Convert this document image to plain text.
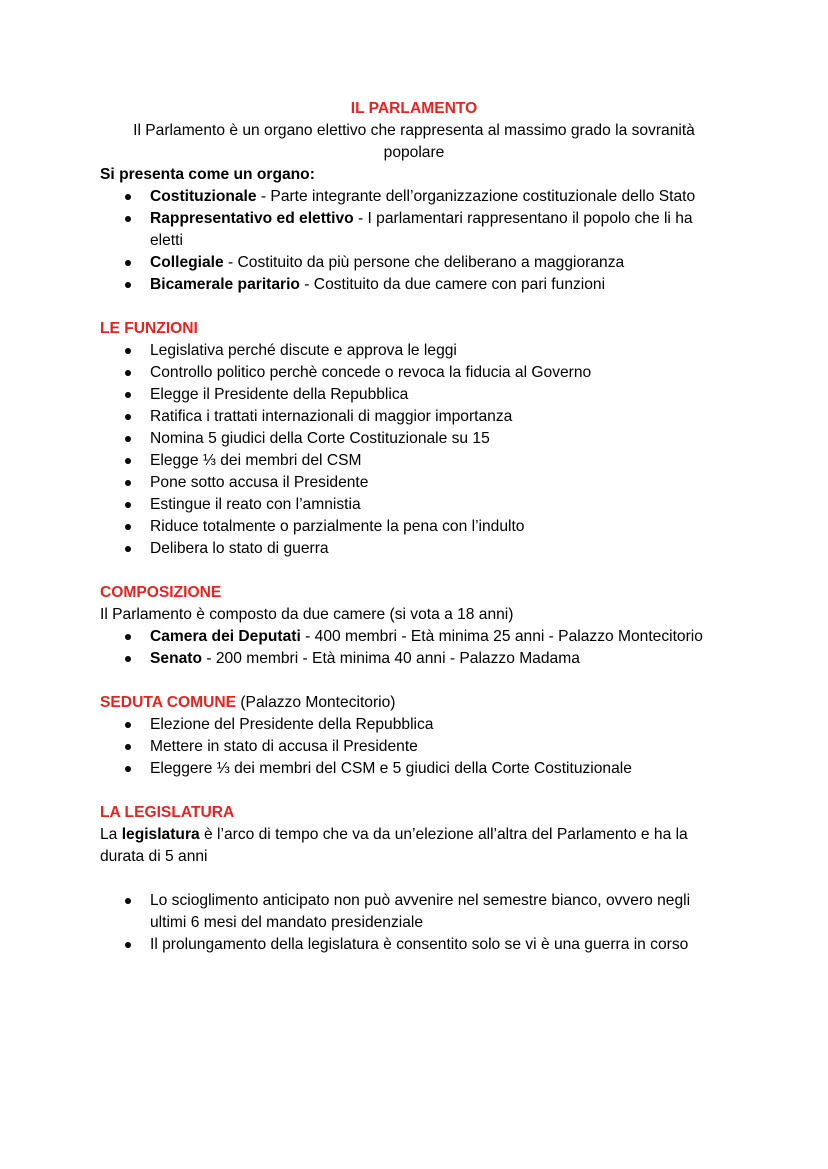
IL PARLAMENTO

Il Parlamento è un organo elettivo che rappresenta al massimo grado la sovranità popolare

Si presenta come un organo:

Costituzionale - Parte integrante dell’organizzazione costituzionale dello Stato
Rappresentativo ed elettivo - I parlamentari rappresentano il popolo che li ha eletti
Collegiale - Costituito da più persone che deliberano a maggioranza
Bicamerale paritario - Costituito da due camere con pari funzioni

LE FUNZIONI

Legislativa perché discute e approva le leggi
Controllo politico perchè concede o revoca la fiducia al Governo
Elegge il Presidente della Repubblica
Ratifica i trattati internazionali di maggior importanza
Nomina 5 giudici della Corte Costituzionale su 15
Elegge ⅓ dei membri del CSM
Pone sotto accusa il Presidente
Estingue il reato con l’amnistia
Riduce totalmente o parzialmente la pena con l’indulto
Delibera lo stato di guerra

COMPOSIZIONE

Il Parlamento è composto da due camere (si vota a 18 anni)

Camera dei Deputati - 400 membri - Età minima 25 anni - Palazzo Montecitorio
Senato - 200 membri - Età minima 40 anni - Palazzo Madama

SEDUTA COMUNE (Palazzo Montecitorio)

Elezione del Presidente della Repubblica
Mettere in stato di accusa il Presidente
Eleggere ⅓ dei membri del CSM e 5 giudici della Corte Costituzionale

LA LEGISLATURA

La legislatura è l’arco di tempo che va da un’elezione all’altra del Parlamento e ha la durata di 5 anni

Lo scioglimento anticipato non può avvenire nel semestre bianco, ovvero negli ultimi 6 mesi del mandato presidenziale
Il prolungamento della legislatura è consentito solo se vi è una guerra in corso
